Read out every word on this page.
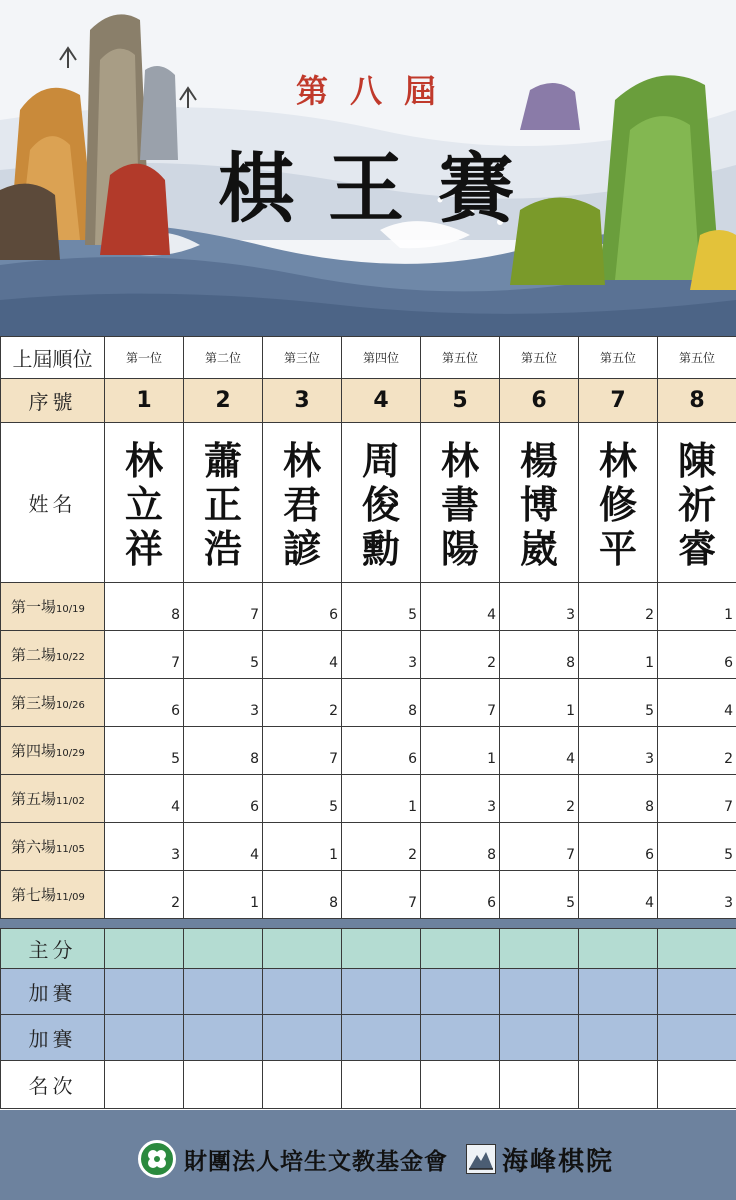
第八屆
棋王賽
上屆順位	第一位	第二位	第三位	第四位	第五位	第五位	第五位	第五位
序號	1	2	3	4	5	6	7	8
姓名	林
立
祥	蕭
正
浩	林
君
諺	周
俊
勳	林
書
陽	楊
博
崴	林
修
平	陳
祈
睿

第一場10/19	8	7	6	5	4	3	2	1
第二場10/22	7	5	4	3	2	8	1	6
第三場10/26	6	3	2	8	7	1	5	4
第四場10/29	5	8	7	6	1	4	3	2
第五場11/02	4	6	5	1	3	2	8	7
第六場11/05	3	4	1	2	8	7	6	5
第七場11/09	2	1	8	7	6	5	4	3

主分								
加賽								
加賽								
名次								
財團法人培生文教基金會 海峰棋院
